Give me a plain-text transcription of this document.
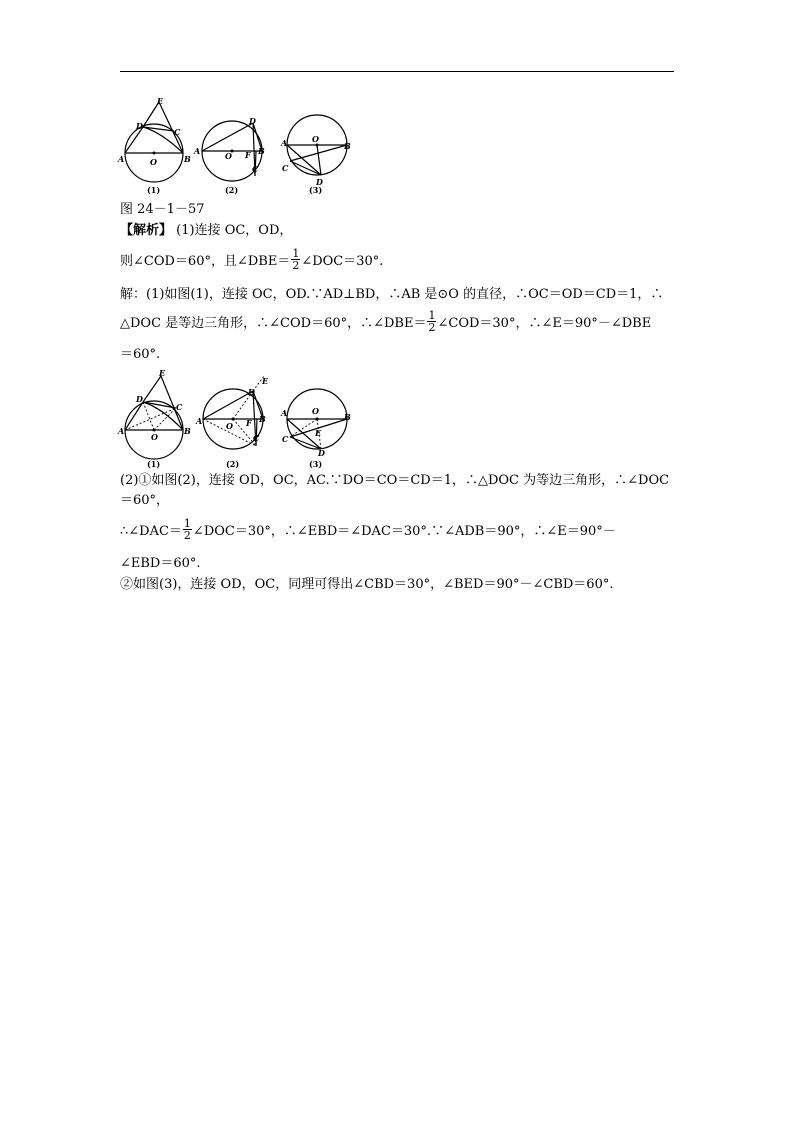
E
D
C
A	O	B
A	O F
D
B
C
A	O
B
C
D
(1)	(2)	(3)
图 24－1－57
【解析】 (1)连接 OC，OD，
则∠COD＝60°，且∠DBE＝ $\frac{1}{2}$ ∠DOC＝30°.
解：(1)如图(1)，连接 OC，OD.∵AD⊥BD，∴AB 是⊙O 的直径，∴OC＝OD＝CD＝1，∴
△DOC 是等边三角形，∴∠COD＝60°，∴∠DBE＝ $\frac{1}{2}$ ∠COD＝30°，∴∠E＝90°－∠DBE
＝60°.
E
D
C
A
O
B
E
A	O F
D
B
C
A	O
B
E
C
D
(1)	(2)	(3)
(2)①如图(2)，连接 OD，OC，AC.∵DO＝CO＝CD＝1，∴△DOC 为等边三角形，∴∠DOC
＝60°，
∴∠DAC＝ $\frac{1}{2}$ ∠DOC＝30°，∴∠EBD＝∠DAC＝30°.∵∠ADB＝90°，∴∠E＝90°－
∠EBD＝60°.
②如图(3)，连接 OD，OC，同理可得出∠CBD＝30°，∠BED＝90°－∠CBD＝60°.
